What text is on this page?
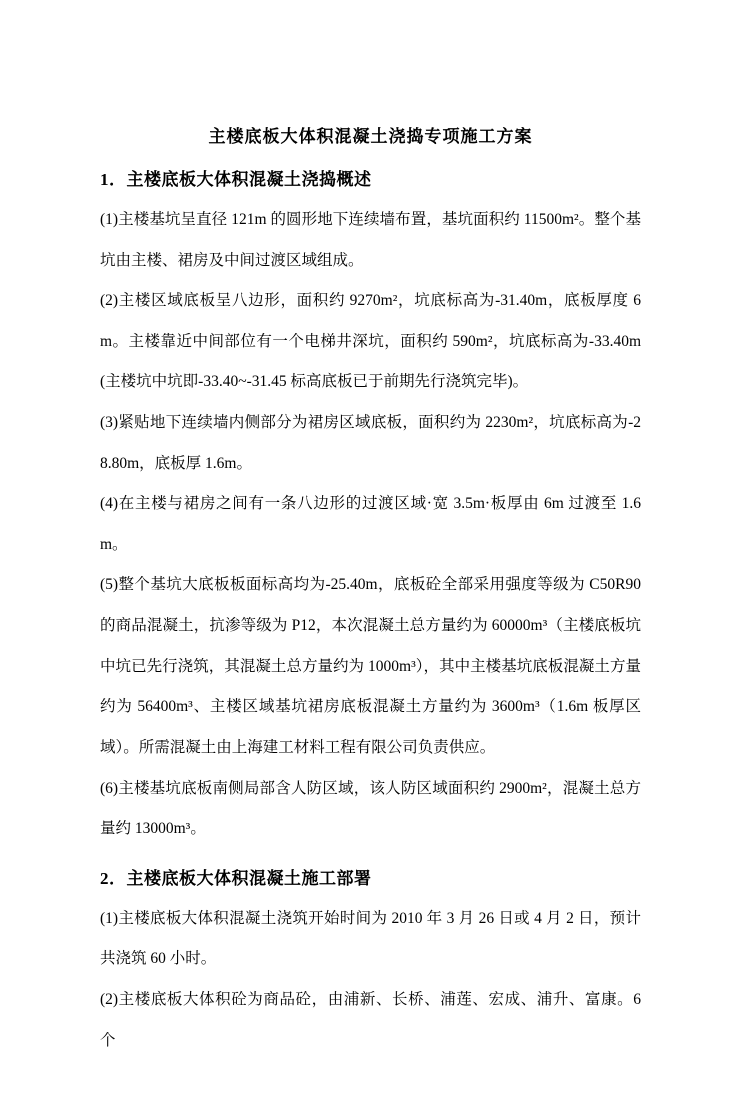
主楼底板大体积混凝土浇捣专项施工方案
1．主楼底板大体积混凝土浇捣概述

(1)主楼基坑呈直径 121m 的圆形地下连续墙布置，基坑面积约 11500m²。整个基坑由主楼、裙房及中间过渡区域组成。

(2)主楼区域底板呈八边形，面积约 9270m²，坑底标高为-31.40m，底板厚度 6m。主楼靠近中间部位有一个电梯井深坑，面积约 590m²，坑底标高为-33.40m(主楼坑中坑即-33.40~-31.45 标高底板已于前期先行浇筑完毕)。

(3)紧贴地下连续墙内侧部分为裙房区域底板，面积约为 2230m²，坑底标高为-28.80m，底板厚 1.6m。

(4)在主楼与裙房之间有一条八边形的过渡区域·宽 3.5m·板厚由 6m 过渡至 1.6m。

(5)整个基坑大底板板面标高均为-25.40m，底板砼全部采用强度等级为 C50R90 的商品混凝土，抗渗等级为 P12，本次混凝土总方量约为 60000m³（主楼底板坑中坑已先行浇筑，其混凝土总方量约为 1000m³），其中主楼基坑底板混凝土方量约为 56400m³、主楼区域基坑裙房底板混凝土方量约为 3600m³（1.6m 板厚区域）。所需混凝土由上海建工材料工程有限公司负责供应。

(6)主楼基坑底板南侧局部含人防区域，该人防区域面积约 2900m²，混凝土总方量约 13000m³。

2．主楼底板大体积混凝土施工部署

(1)主楼底板大体积混凝土浇筑开始时间为 2010 年 3 月 26 日或 4 月 2 日，预计共浇筑 60 小时。

(2)主楼底板大体积砼为商品砼，由浦新、长桥、浦莲、宏成、浦升、富康。6 个
